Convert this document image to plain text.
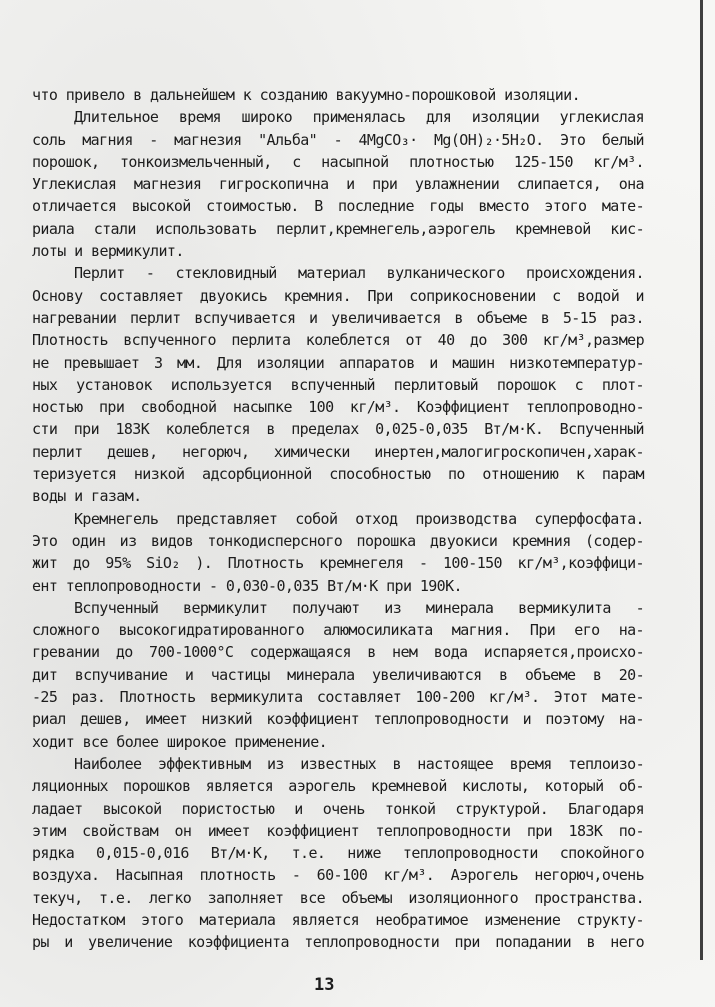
что привело в дальнейшем к созданию вакуумно-порошковой изоляции.
Длительное время широко применялась для изоляции углекислая
соль магния - магнезия "Альба" - 4MgCO₃· Mg(OH)₂·5H₂O. Это белый
порошок, тонкоизмельченный, с насыпной плотностью 125-150 кг/м³.
Углекислая магнезия гигроскопична и при увлажнении слипается, она
отличается высокой стоимостью. В последние годы вместо этого мате-
риала стали использовать перлит,кремнегель,аэрогель кремневой кис-
лоты и вермикулит.
Перлит - стекловидный материал вулканического происхождения.
Основу составляет двуокись кремния. При соприкосновении с водой и
нагревании перлит вспучивается и увеличивается в объеме в 5-15 раз.
Плотность вспученного перлита колеблется от 40 до 300 кг/м³,размер
не превышает 3 мм. Для изоляции аппаратов и машин низкотемператур-
ных установок используется вспученный перлитовый порошок с плот-
ностью при свободной насыпке 100 кг/м³. Коэффициент теплопроводно-
сти при 183К колеблется в пределах 0,025-0,035 Вт/м·К. Вспученный
перлит дешев, негорюч, химически инертен,малогигроскопичен,харак-
теризуется низкой адсорбционной способностью по отношению к парам
воды и газам.
Кремнегель представляет собой отход производства суперфосфата.
Это один из видов тонкодисперсного порошка двуокиси кремния (содер-
жит до 95% SiO₂ ). Плотность кремнегеля - 100-150 кг/м³,коэффици-
ент теплопроводности - 0,030-0,035 Вт/м·К при 190К.
Вспученный вермикулит получают из минерала вермикулита -
сложного высокогидратированного алюмосиликата магния. При его на-
гревании до 700-1000°С содержащаяся в нем вода испаряется,происхо-
дит вспучивание и частицы минерала увеличиваются в объеме в 20-
-25 раз. Плотность вермикулита составляет 100-200 кг/м³. Этот мате-
риал дешев, имеет низкий коэффициент теплопроводности и поэтому на-
ходит все более широкое применение.
Наиболее эффективным из известных в настоящее время теплоизо-
ляционных порошков является аэрогель кремневой кислоты, который об-
ладает высокой пористостью и очень тонкой структурой. Благодаря
этим свойствам он имеет коэффициент теплопроводности при 183К по-
рядка 0,015-0,016 Вт/м·К, т.е. ниже теплопроводности спокойного
воздуха. Насыпная плотность - 60-100 кг/м³. Аэрогель негорюч,очень
текуч, т.е. легко заполняет все объемы изоляционного пространства.
Недостатком этого материала является необратимое изменение структу-
ры и увеличение коэффициента теплопроводности при попадании в него
13
